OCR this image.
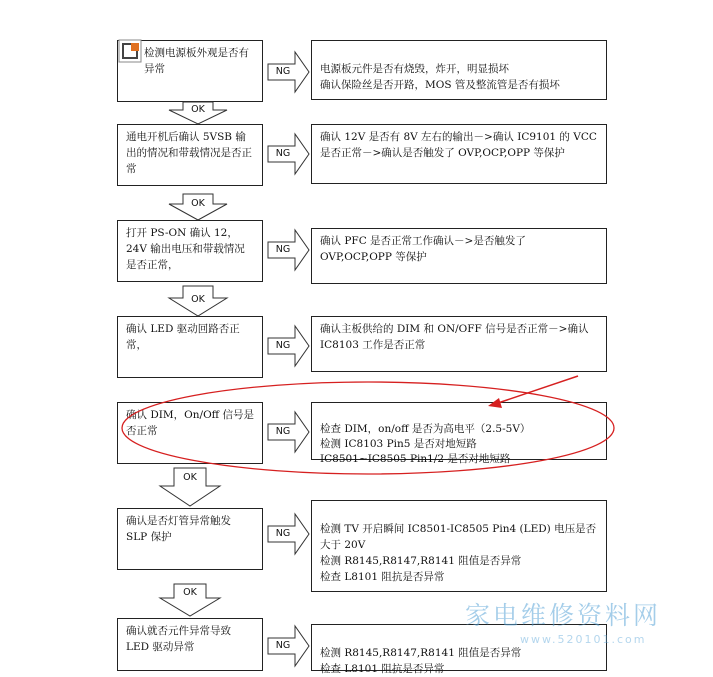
检测电源板外观是否有异常
通电开机后确认 5VSB 输出的情况和带载情况是否正常
打开 PS-ON 确认 12，24V 输出电压和带载情况是否正常，
确认 LED 驱动回路否正常，
确认 DIM，On/Off 信号是否正常
确认是否灯管异常触发 SLP 保护
确认就否元件异常导致 LED 驱动异常

电源板元件是否有烧毁，炸开，明显损坏
确认保险丝是否开路，MOS 管及整流管是否有损坏

确认 12V 是否有 8V 左右的输出－>确认 IC9101 的 VCC 是否正常－>确认是否触发了 OVP,OCP,OPP 等保护
确认 PFC 是否正常工作确认－>是否触发了 OVP,OCP,OPP 等保护
确认主板供给的 DIM 和 ON/OFF 信号是否正常－>确认 IC8103 工作是否正常

检查 DIM，on/off 是否为高电平（2.5-5V）
检测 IC8103 Pin5 是否对地短路
IC8501~IC8505 Pin1/2 是否对地短路

检测 TV 开启瞬间 IC8501-IC8505 Pin4 (LED) 电压是否大于 20V
检测 R8145,R8147,R8141 阻值是否异常
检查 L8101 阻抗是否异常

检测 R8145,R8147,R8141 阻值是否异常
检查 L8101 阻抗是否异常

OK
OK
OK
OK
OK
NG
NG
NG
NG
NG
NG
NG
家电维修资料网
www.520101.com
